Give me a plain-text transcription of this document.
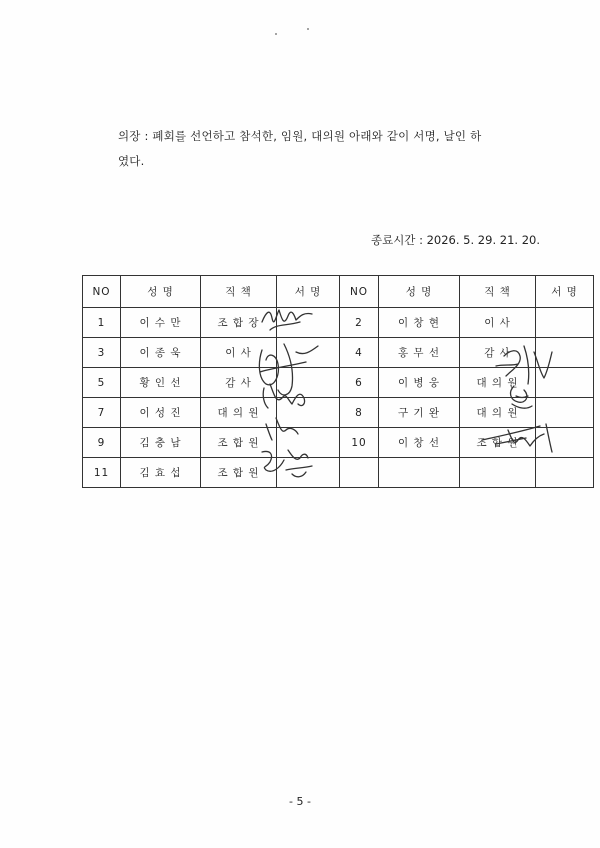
의장 : 폐회를 선언하고 참석한, 임원, 대의원 아래와 같이 서명, 날인 하
였다.
종료시간 : 2026. 5. 29. 21. 20.
NO	성 명	직 책	서 명	NO	성 명	직 책	서 명
1	이 수 만	조 합 장		2	이 창 현	이 사	
3	이 종 욱	이 사		4	홍 무 선	감 사	
5	황 인 선	감 사		6	이 병 웅	대 의 원	
7	이 성 진	대 의 원		8	구 기 완	대 의 원	
9	김 충 남	조 합 원		10	이 창 선	조 합 원	
11	김 효 섭	조 합 원					
- 5 -
